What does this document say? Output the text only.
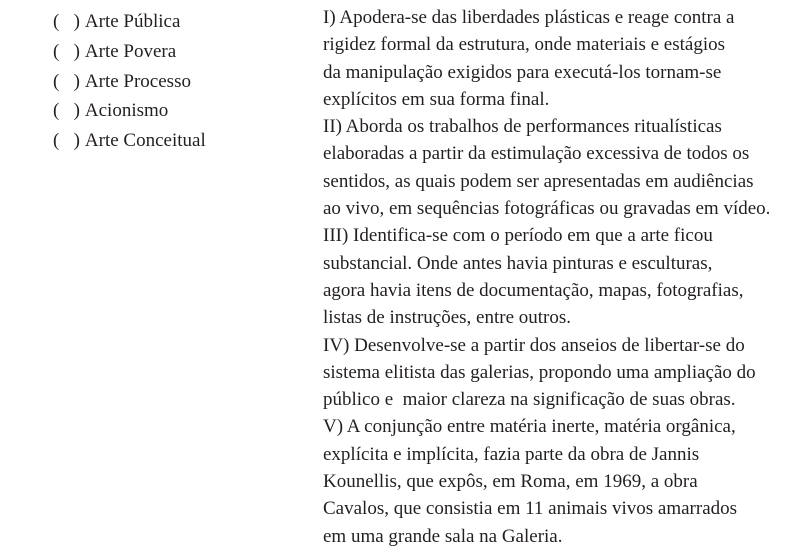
(   ) Arte Pública
(   ) Arte Povera
(   ) Arte Processo
(   ) Acionismo
(   ) Arte Conceitual
I) Apodera-se das liberdades plásticas e reage contra a
rigidez formal da estrutura, onde materiais e estágios
da manipulação exigidos para executá-los tornam-se
explícitos em sua forma final.
II) Aborda os trabalhos de performances ritualísticas
elaboradas a partir da estimulação excessiva de todos os
sentidos, as quais podem ser apresentadas em audiências
ao vivo, em sequências fotográficas ou gravadas em vídeo.
III) Identifica-se com o período em que a arte ficou
substancial. Onde antes havia pinturas e esculturas,
agora havia itens de documentação, mapas, fotografias,
listas de instruções, entre outros.
IV) Desenvolve-se a partir dos anseios de libertar-se do
sistema elitista das galerias, propondo uma ampliação do
público e  maior clareza na significação de suas obras.
V) A conjunção entre matéria inerte, matéria orgânica,
explícita e implícita, fazia parte da obra de Jannis
Kounellis, que expôs, em Roma, em 1969, a obra
Cavalos, que consistia em 11 animais vivos amarrados
em uma grande sala na Galeria.
